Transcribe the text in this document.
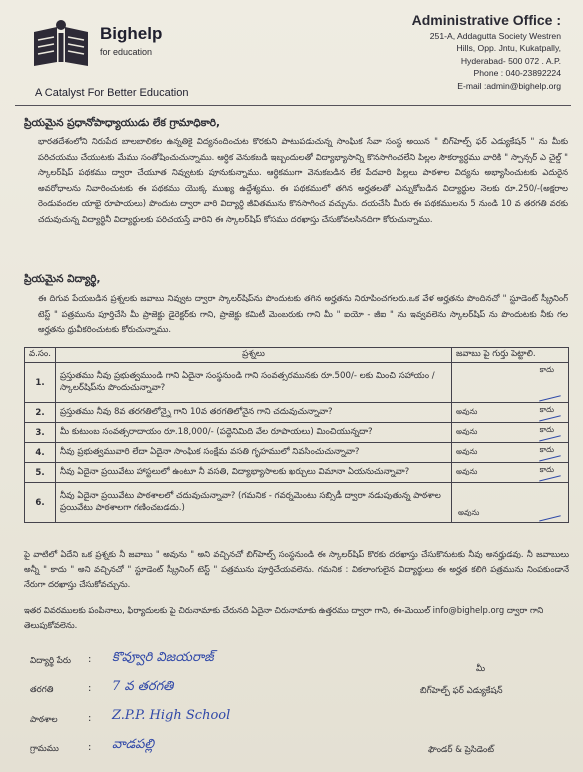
Bighelp
for education
A Catalyst For Better Education
Administrative Office :
251-A, Addagutta Society Westren
Hills, Opp. Jntu, Kukatpally,
Hyderabad- 500 072 . A.P.
Phone : 040-23892224
E-mail :admin@bighelp.org
ప్రియమైన ప్రధానోపాధ్యాయుడు లేక గ్రామాధికారి,
భారతదేశంలోని నిరుపేద బాలబాలికల ఉన్నతికై విద్యనందించుట కొరకుని పాటుపడుచున్న సాంఘిక సేవా సంస్థ అయిన " బిగ్‌హెల్ప్ ఫర్ ఎడ్యుకేషన్ " ను మీకు పరిచయము చేయుటకు మేము సంతోషించుచున్నాము. ఆర్ధిక వెనుకబడి ఇబ్బందులతో విద్యాభ్యాసాన్ని కొనసాగించలేని పిల్లల సౌకర్యార్ధము వారికి " స్పాన్సర్ ఎ చైల్డ్ " స్కాలర్‌షిప్ పథకము ద్వారా చేయూత నివ్వుటకు పూనుకున్నాము. ఆర్థికముగా వెనుకబడిన లేక పేదవారి పిల్లలు పాఠశాల విద్యను అభ్యాసించుటకు ఎదురైన అవరోధాలను నివారించుటకు ఈ పథకము యొక్క ముఖ్య ఉద్దేశ్యము. ఈ పథకములో తగిన అర్హతలతో ఎన్నుకోబడిన విద్యార్థుల నెలకు రూ.250/-(అక్షరాల రెండువందల యాభై రూపాయలు) పొందుట ద్వారా వారి విద్యార్ధి జీవితమును కొనసాగించ వచ్చును. దయచేసి మీరు ఈ పథకములను 5 నుండి 10 వ తరగతి వరకు చదువుచున్న విద్యార్థినీ విద్యార్థులకు పరిచయస్తే వారిని ఈ స్కాలర్‌షిప్ కోసము దరఖాస్తు చేసుకోవలసినదిగా కోరుచున్నాము.
ప్రియమైన విద్యార్థి,
ఈ దిగువ పేయబడిన ప్రశ్నలకు జవాబు నివ్వుట ద్వారా స్కాలర్‌షిప్‌ను పొందుటకు తగిన అర్హతను నిరూపించగలరు.ఒక వేళ అర్హతను పొందినచో " స్టూడెంట్ స్క్రీనింగ్ టెస్ట్ " పత్రమును పూర్తిచేసి మీ ప్రాజెక్టు డైరెక్టర్‌కు గాని, ప్రాజెక్టు కమిటీ మెంబరుకు గాని మీ " ఐయో - జీఐ " ను ఇవ్వవలెను స్కాలర్‌షిప్ ను పొందుటకు నీకు గల అర్హతను ధ్రువీకరించుటకు కోరుచున్నాము.
వ.సం.	ప్రశ్నలు	జవాబు పై గుర్తు పెట్టాలి.
1.	ప్రస్తుతము నీవు ప్రభుత్వముండి గాని ఏదైనా సంస్థనుండి గాని సంవత్సరమునకు రూ.500/- లకు మించి సహాయం / స్కాలర్‌షిప్‌ను పొందుచున్నావా?	కాదు

2.	ప్రస్తుతము నీవు 8వ తరగతిలోన్నై గాని 10వ తరగతిలోనైన గాని చదువుచున్నావా?	అవును కాదు

3.	మీ కుటుంబ సంవత్సరాదాయం రూ.18,000/- (పద్దెనిమిది వేల రూపాయలు) మించియున్నదా?	అవును కాదు

4.	నీవు ప్రభుత్వమువారి లేదా ఏదైనా సాంఘిక సంక్షేమ వసతి గృహములో నివసించుచున్నావా?	అవును కాదు

5.	నీవు ఏదైనా ప్రయివేటు హాస్టలులో ఉంటూ నీ వసతి, విద్యాభ్యాసాలకు ఖర్చులు విమానా ఏయనుచున్నావా?	అవును కాదు

6.	నీవు ఏదైనా ప్రయివేటు పాఠశాలలో చదువుచున్నావా? (గమనిక - గవర్నమెంటు సబ్సిడీ ద్వారా నడుపుతున్న పాఠశాల ప్రయివేటు పాఠశాలగా గణించబడదు.)	అవును
పై వాటిలో ఏదేని ఒక ప్రశ్నకు నీ జవాబు " అవును " అని వచ్చినచో బిగ్‌హెల్ప్ సంస్థనుండి ఈ స్కాలర్‌షిప్ కొరకు దరఖాస్తు చేసుకొనుటకు నీవు అనర్హుడవు. నీ జవాబులు అన్నీ " కాదు " అని వచ్చినచో " స్టూడెంట్ స్క్రీనింగ్ టెస్ట్ " పత్రమును పూర్తిచేయవలెను. గమనిక : వికలాంగులైన విద్యార్థులు ఈ అర్హత కలిగి పత్రమును నింపకుండానే నేరుగా దరఖాస్తు చేసుకోవచ్చును.
ఇతర వివరములకు పంపినాలు, ఫిర్యాదులకు పై చిరునామాకు చేరునది ఏదైనా చిరునామాకు ఉత్తరము ద్వారా గాని, ఈ-మెయిల్ info@bighelp.org ద్వారా గాని తెలుపుకోవలెను.
విద్యార్థి పేరు : కొవ్వూరి విజయరాజ్
తరగతి	: 7 వ తరగతి
పాఠశాల	: Z.P.P. High School
గ్రామము	: వాడపల్లి
మీ
బిగ్‌హెల్ప్ ఫర్ ఎడ్యుకేషన్
ఫౌండర్ & ప్రెసిడెంట్
